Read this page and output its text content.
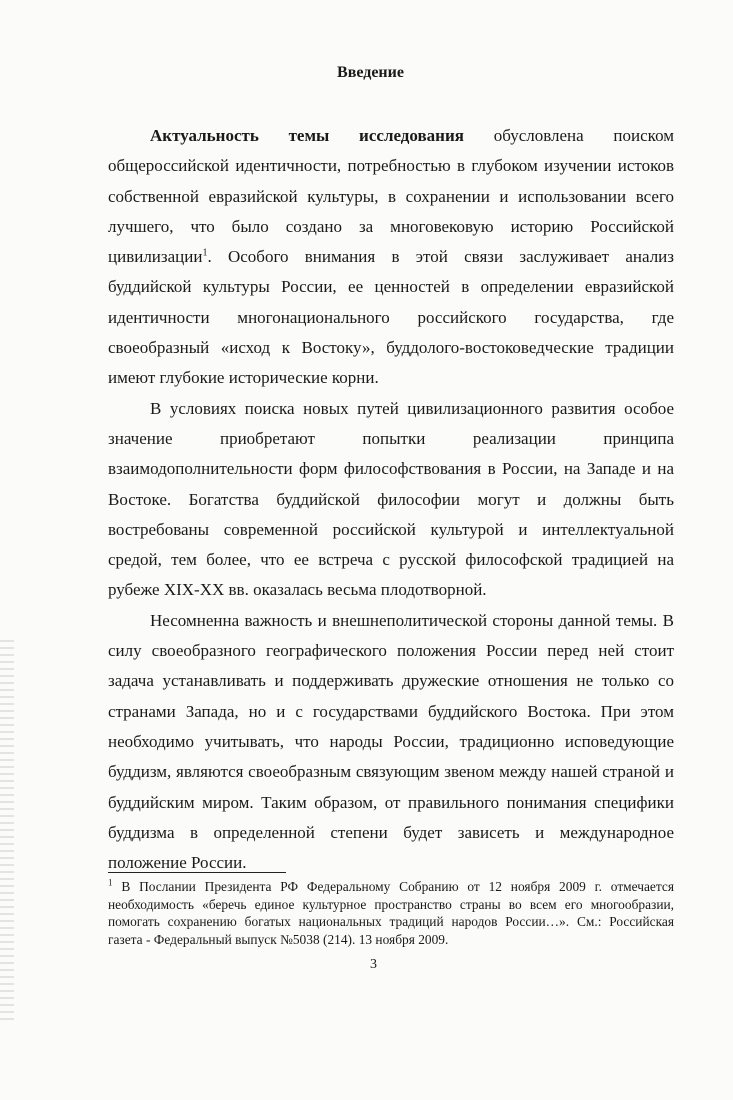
Введение

Актуальность темы исследования обусловлена поиском общероссийской идентичности, потребностью в глубоком изучении истоков собственной евразийской культуры, в сохранении и использовании всего лучшего, что было создано за многовековую историю Российской цивилизации$^1$. Особого внимания в этой связи заслуживает анализ буддийской культуры России, ее ценностей в определении евразийской идентичности многонационального российского государства, где своеобразный «исход к Востоку», буддолого-востоковедческие традиции имеют глубокие исторические корни.

В условиях поиска новых путей цивилизационного развития особое значение приобретают попытки реализации принципа взаимодополнительности форм философствования в России, на Западе и на Востоке. Богатства буддийской философии могут и должны быть востребованы современной российской культурой и интеллектуальной средой, тем более, что ее встреча с русской философской традицией на рубеже XIX-XX вв. оказалась весьма плодотворной.

Несомненна важность и внешнеполитической стороны данной темы. В силу своеобразного географического положения России перед ней стоит задача устанавливать и поддерживать дружеские отношения не только со странами Запада, но и с государствами буддийского Востока. При этом необходимо учитывать, что народы России, традиционно исповедующие буддизм, являются своеобразным связующим звеном между нашей страной и буддийским миром. Таким образом, от правильного понимания специфики буддизма в определенной степени будет зависеть и международное положение России.

$^1$ В Послании Президента РФ Федеральному Собранию от 12 ноября 2009 г. отмечается необходимость «беречь единое культурное пространство страны во всем его многообразии, помогать сохранению богатых национальных традиций народов России…». См.: Российская газета - Федеральный выпуск №5038 (214). 13 ноября 2009.
3
